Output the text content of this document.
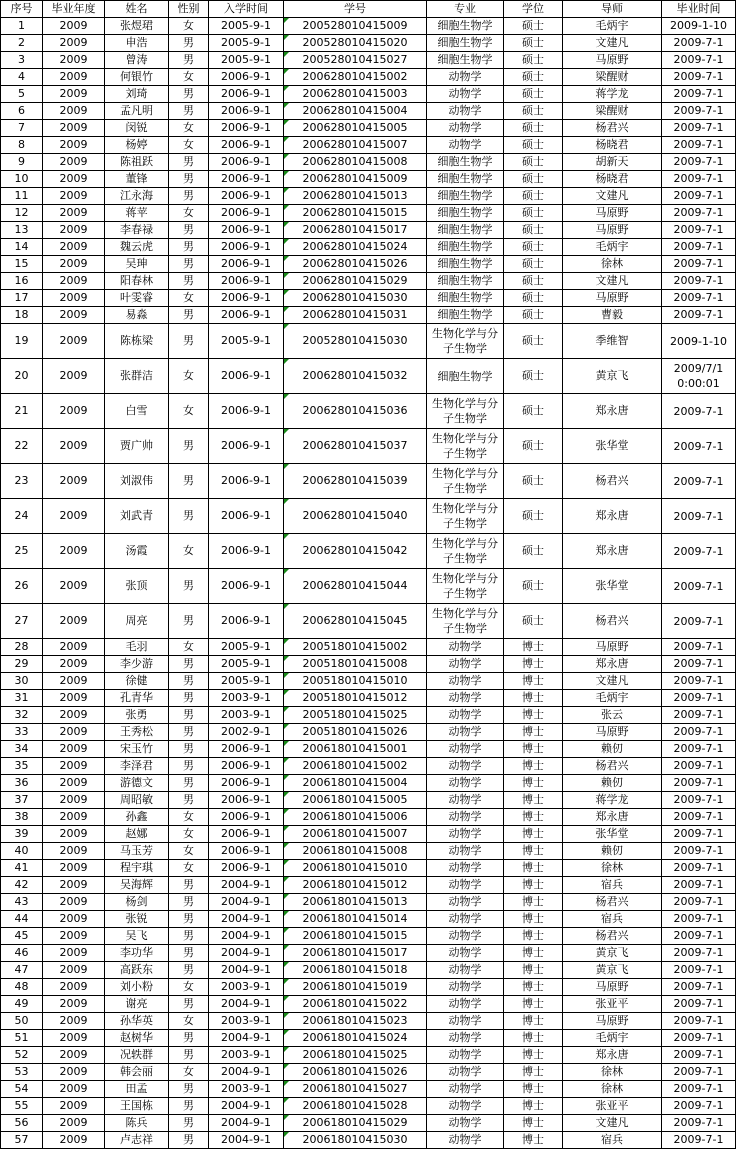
序号	毕业年度	姓名	性别	入学时间	学号	专业	学位	导师	毕业时间
1	2009	张煜珺	女	2005-9-1	200528010415009	细胞生物学	硕士	毛炳宇	2009-1-10
2	2009	申浩	男	2005-9-1	200528010415020	细胞生物学	硕士	文建凡	2009-7-1
3	2009	曾涛	男	2005-9-1	200528010415027	细胞生物学	硕士	马原野	2009-7-1
4	2009	何银竹	女	2006-9-1	200628010415002	动物学	硕士	梁醒财	2009-7-1
5	2009	刘琦	男	2006-9-1	200628010415003	动物学	硕士	蒋学龙	2009-7-1
6	2009	孟凡明	男	2006-9-1	200628010415004	动物学	硕士	梁醒财	2009-7-1
7	2009	闵锐	女	2006-9-1	200628010415005	动物学	硕士	杨君兴	2009-7-1
8	2009	杨婷	女	2006-9-1	200628010415007	动物学	硕士	杨晓君	2009-7-1
9	2009	陈祖跃	男	2006-9-1	200628010415008	细胞生物学	硕士	胡新天	2009-7-1
10	2009	董锋	男	2006-9-1	200628010415009	细胞生物学	硕士	杨晓君	2009-7-1
11	2009	江永海	男	2006-9-1	200628010415013	细胞生物学	硕士	文建凡	2009-7-1
12	2009	蒋苹	女	2006-9-1	200628010415015	细胞生物学	硕士	马原野	2009-7-1
13	2009	李春禄	男	2006-9-1	200628010415017	细胞生物学	硕士	马原野	2009-7-1
14	2009	魏云虎	男	2006-9-1	200628010415024	细胞生物学	硕士	毛炳宇	2009-7-1
15	2009	吴珅	男	2006-9-1	200628010415026	细胞生物学	硕士	徐林	2009-7-1
16	2009	阳春林	男	2006-9-1	200628010415029	细胞生物学	硕士	文建凡	2009-7-1
17	2009	叶雯睿	女	2006-9-1	200628010415030	细胞生物学	硕士	马原野	2009-7-1
18	2009	易淼	男	2006-9-1	200628010415031	细胞生物学	硕士	曹毅	2009-7-1
19	2009	陈栋梁	男	2005-9-1	200528010415030	生物化学与分子生物学	硕士	季维智	2009-1-10
20	2009	张群洁	女	2006-9-1	200628010415032	细胞生物学	硕士	黄京飞	2009/7/1 0:00:01
21	2009	白雪	女	2006-9-1	200628010415036	生物化学与分子生物学	硕士	郑永唐	2009-7-1
22	2009	贾广帅	男	2006-9-1	200628010415037	生物化学与分子生物学	硕士	张华堂	2009-7-1
23	2009	刘淑伟	男	2006-9-1	200628010415039	生物化学与分子生物学	硕士	杨君兴	2009-7-1
24	2009	刘武青	男	2006-9-1	200628010415040	生物化学与分子生物学	硕士	郑永唐	2009-7-1
25	2009	汤霞	女	2006-9-1	200628010415042	生物化学与分子生物学	硕士	郑永唐	2009-7-1
26	2009	张顶	男	2006-9-1	200628010415044	生物化学与分子生物学	硕士	张华堂	2009-7-1
27	2009	周亮	男	2006-9-1	200628010415045	生物化学与分子生物学	硕士	杨君兴	2009-7-1
28	2009	毛羽	女	2005-9-1	200518010415002	动物学	博士	马原野	2009-7-1
29	2009	李少游	男	2005-9-1	200518010415008	动物学	博士	郑永唐	2009-7-1
30	2009	徐健	男	2005-9-1	200518010415010	动物学	博士	文建凡	2009-7-1
31	2009	孔青华	男	2003-9-1	200518010415012	动物学	博士	毛炳宇	2009-7-1
32	2009	张勇	男	2003-9-1	200518010415025	动物学	博士	张云	2009-7-1
33	2009	王秀松	男	2002-9-1	200518010415026	动物学	博士	马原野	2009-7-1
34	2009	宋玉竹	男	2006-9-1	200618010415001	动物学	博士	赖仞	2009-7-1
35	2009	李泽君	男	2006-9-1	200618010415002	动物学	博士	杨君兴	2009-7-1
36	2009	游德文	男	2006-9-1	200618010415004	动物学	博士	赖仞	2009-7-1
37	2009	周昭敏	男	2006-9-1	200618010415005	动物学	博士	蒋学龙	2009-7-1
38	2009	孙鑫	女	2006-9-1	200618010415006	动物学	博士	郑永唐	2009-7-1
39	2009	赵娜	女	2006-9-1	200618010415007	动物学	博士	张华堂	2009-7-1
40	2009	马玉芳	女	2006-9-1	200618010415008	动物学	博士	赖仞	2009-7-1
41	2009	程宇琪	女	2006-9-1	200618010415010	动物学	博士	徐林	2009-7-1
42	2009	吴海辉	男	2004-9-1	200618010415012	动物学	博士	宿兵	2009-7-1
43	2009	杨剑	男	2004-9-1	200618010415013	动物学	博士	杨君兴	2009-7-1
44	2009	张锐	男	2004-9-1	200618010415014	动物学	博士	宿兵	2009-7-1
45	2009	吴飞	男	2004-9-1	200618010415015	动物学	博士	杨君兴	2009-7-1
46	2009	李功华	男	2004-9-1	200618010415017	动物学	博士	黄京飞	2009-7-1
47	2009	高跃东	男	2004-9-1	200618010415018	动物学	博士	黄京飞	2009-7-1
48	2009	刘小粉	女	2003-9-1	200618010415019	动物学	博士	马原野	2009-7-1
49	2009	谢亮	男	2004-9-1	200618010415022	动物学	博士	张亚平	2009-7-1
50	2009	孙华英	女	2003-9-1	200618010415023	动物学	博士	马原野	2009-7-1
51	2009	赵树华	男	2004-9-1	200618010415024	动物学	博士	毛炳宇	2009-7-1
52	2009	况轶群	男	2003-9-1	200618010415025	动物学	博士	郑永唐	2009-7-1
53	2009	韩会丽	女	2004-9-1	200618010415026	动物学	博士	徐林	2009-7-1
54	2009	田孟	男	2003-9-1	200618010415027	动物学	博士	徐林	2009-7-1
55	2009	王国栋	男	2004-9-1	200618010415028	动物学	博士	张亚平	2009-7-1
56	2009	陈兵	男	2004-9-1	200618010415029	动物学	博士	文建凡	2009-7-1
57	2009	卢志祥	男	2004-9-1	200618010415030	动物学	博士	宿兵	2009-7-1
